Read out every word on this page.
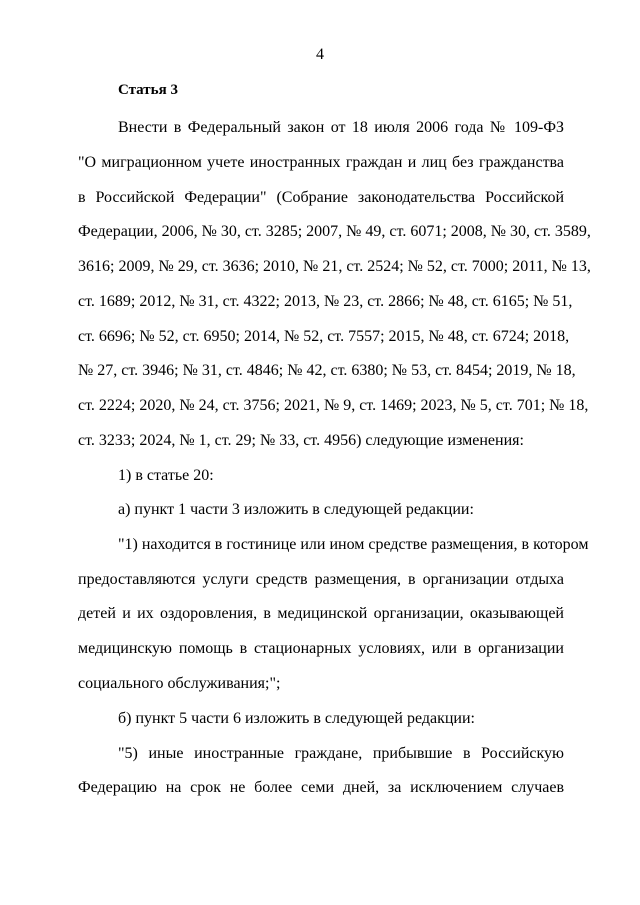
4
Статья 3
Внести в Федеральный закон от 18 июля 2006 года № 109-ФЗ
"О миграционном учете иностранных граждан и лиц без гражданства
в Российской Федерации" (Собрание законодательства Российской
Федерации, 2006, № 30, ст. 3285; 2007, № 49, ст. 6071; 2008, № 30, ст. 3589,
3616; 2009, № 29, ст. 3636; 2010, № 21, ст. 2524; № 52, ст. 7000; 2011, № 13,
ст. 1689; 2012, № 31, ст. 4322; 2013, № 23, ст. 2866; № 48, ст. 6165; № 51,
ст. 6696; № 52, ст. 6950; 2014, № 52, ст. 7557; 2015, № 48, ст. 6724; 2018,
№ 27, ст. 3946; № 31, ст. 4846; № 42, ст. 6380; № 53, ст. 8454; 2019, № 18,
ст. 2224; 2020, № 24, ст. 3756; 2021, № 9, ст. 1469; 2023, № 5, ст. 701; № 18,
ст. 3233; 2024, № 1, ст. 29; № 33, ст. 4956) следующие изменения:
1) в статье 20:
а) пункт 1 части 3 изложить в следующей редакции:
"1) находится в гостинице или ином средстве размещения, в котором
предоставляются услуги средств размещения, в организации отдыха
детей и их оздоровления, в медицинской организации, оказывающей
медицинскую помощь в стационарных условиях, или в организации
социального обслуживания;";
б) пункт 5 части 6 изложить в следующей редакции:
"5) иные иностранные граждане, прибывшие в Российскую
Федерацию на срок не более семи дней, за исключением случаев
